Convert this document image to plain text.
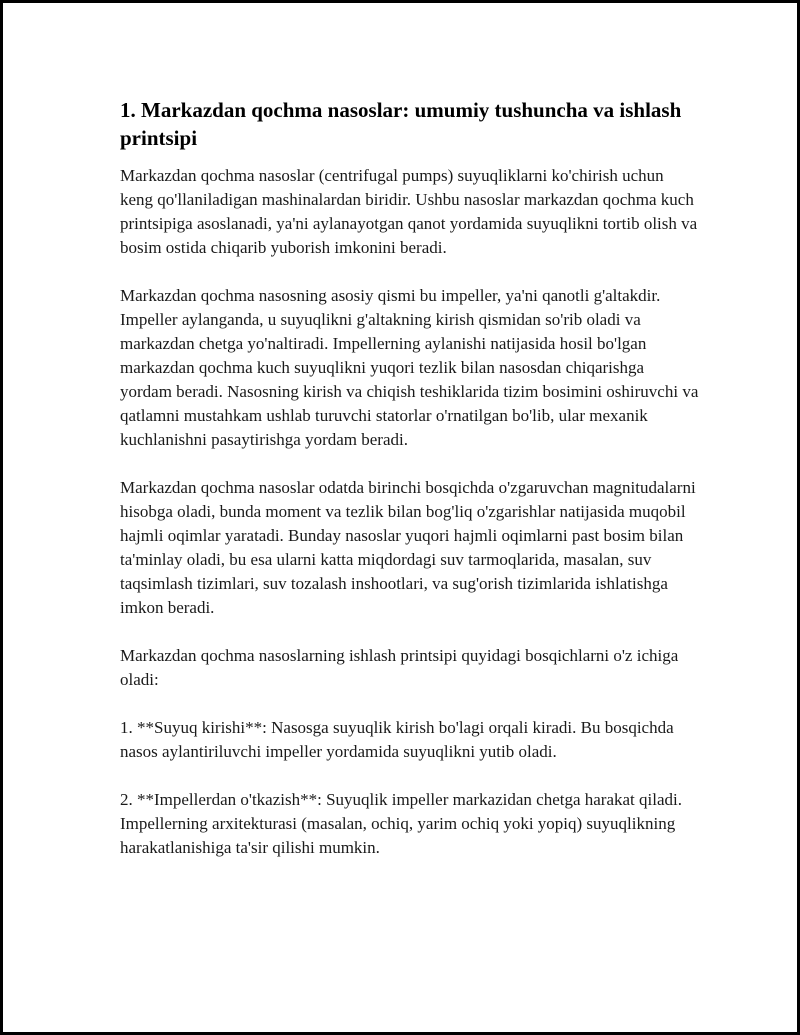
1. Markazdan qochma nasoslar: umumiy tushuncha va ishlash printsipi

Markazdan qochma nasoslar (centrifugal pumps) suyuqliklarni ko'chirish uchun keng qo'llaniladigan mashinalardan biridir. Ushbu nasoslar markazdan qochma kuch printsipiga asoslanadi, ya'ni aylanayotgan qanot yordamida suyuqlikni tortib olish va bosim ostida chiqarib yuborish imkonini beradi.

Markazdan qochma nasosning asosiy qismi bu impeller, ya'ni qanotli g'altakdir. Impeller aylanganda, u suyuqlikni g'altakning kirish qismidan so'rib oladi va markazdan chetga yo'naltiradi. Impellerning aylanishi natijasida hosil bo'lgan markazdan qochma kuch suyuqlikni yuqori tezlik bilan nasosdan chiqarishga yordam beradi. Nasosning kirish va chiqish teshiklarida tizim bosimini oshiruvchi va qatlamni mustahkam ushlab turuvchi statorlar o'rnatilgan bo'lib, ular mexanik kuchlanishni pasaytirishga yordam beradi.

Markazdan qochma nasoslar odatda birinchi bosqichda o'zgaruvchan magnitudalarni hisobga oladi, bunda moment va tezlik bilan bog'liq o'zgarishlar natijasida muqobil hajmli oqimlar yaratadi. Bunday nasoslar yuqori hajmli oqimlarni past bosim bilan ta'minlay oladi, bu esa ularni katta miqdordagi suv tarmoqlarida, masalan, suv taqsimlash tizimlari, suv tozalash inshootlari, va sug'orish tizimlarida ishlatishga imkon beradi.

Markazdan qochma nasoslarning ishlash printsipi quyidagi bosqichlarni o'z ichiga oladi:

1. **Suyuq kirishi**: Nasosga suyuqlik kirish bo'lagi orqali kiradi. Bu bosqichda nasos aylantiriluvchi impeller yordamida suyuqlikni yutib oladi.

2. **Impellerdan o'tkazish**: Suyuqlik impeller markazidan chetga harakat qiladi. Impellerning arxitekturasi (masalan, ochiq, yarim ochiq yoki yopiq) suyuqlikning harakatlanishiga ta'sir qilishi mumkin.
